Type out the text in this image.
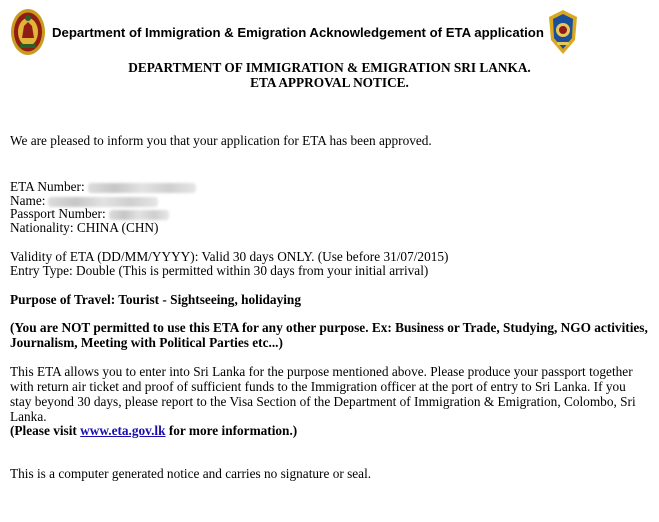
Department of Immigration & Emigration Acknowledgement of ETA application
DEPARTMENT OF IMMIGRATION & EMIGRATION SRI LANKA.
ETA APPROVAL NOTICE.
We are pleased to inform you that your application for ETA has been approved.
ETA Number:
Name:
Passport Number:
Nationality: CHINA (CHN)
Validity of ETA (DD/MM/YYYY): Valid 30 days ONLY. (Use before 31/07/2015)
Entry Type: Double (This is permitted within 30 days from your initial arrival)
Purpose of Travel: Tourist - Sightseeing, holidaying
(You are NOT permitted to use this ETA for any other purpose. Ex: Business or Trade, Studying, NGO activities, Journalism, Meeting with Political Parties etc...)
This ETA allows you to enter into Sri Lanka for the purpose mentioned above. Please produce your passport together with return air ticket and proof of sufficient funds to the Immigration officer at the port of entry to Sri Lanka. If you stay beyond 30 days, please report to the Visa Section of the Department of Immigration & Emigration, Colombo, Sri Lanka.
(Please visit www.eta.gov.lk for more information.)
This is a computer generated notice and carries no signature or seal.
